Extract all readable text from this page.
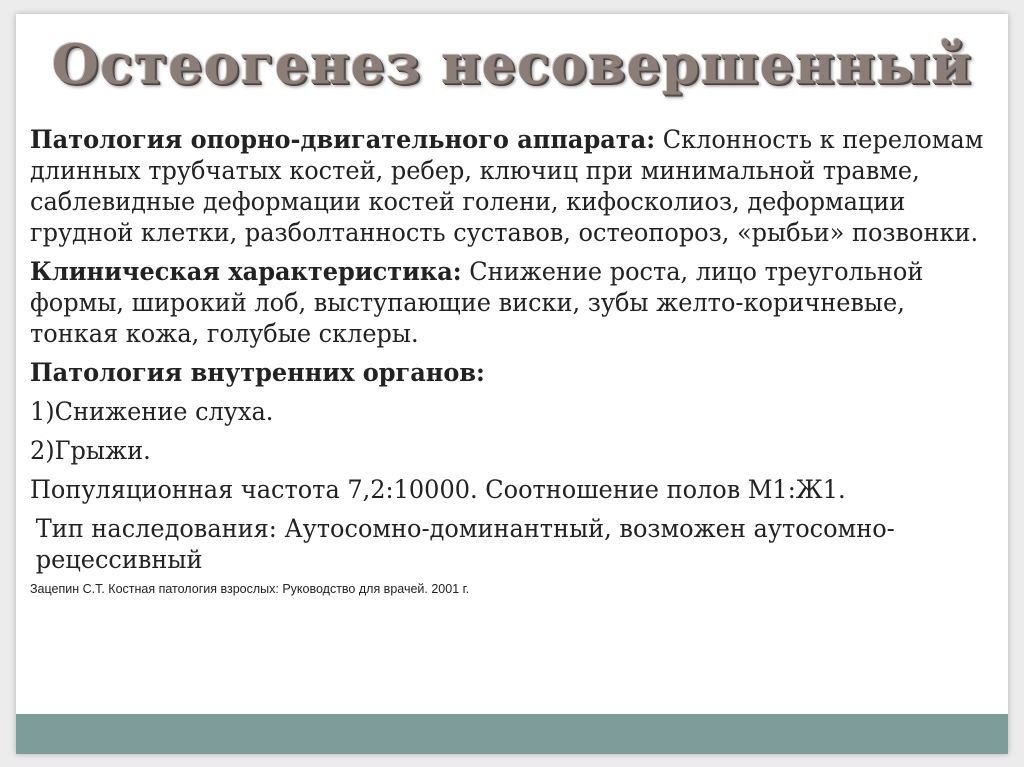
Остеогенез несовершенный

Патология опорно-двигательного аппарата: Склонность к переломам длинных трубчатых костей, ребер, ключиц при минимальной травме, саблевидные деформации костей голени, кифосколиоз, деформации грудной клетки, разболтанность суставов, остеопороз, «рыбьи» позвонки.

Клиническая характеристика: Снижение роста, лицо треугольной формы, широкий лоб, выступающие виски, зубы желто-коричневые, тонкая кожа, голубые склеры.

Патология внутренних органов:

1)Снижение слуха.

2)Грыжи.

Популяционная частота 7,2:10000. Соотношение полов М1:Ж1.

Тип наследования: Аутосомно-доминантный, возможен аутосомно-рецессивный

Зацепин С.Т. Костная патология взрослых: Руководство для врачей. 2001 г.
